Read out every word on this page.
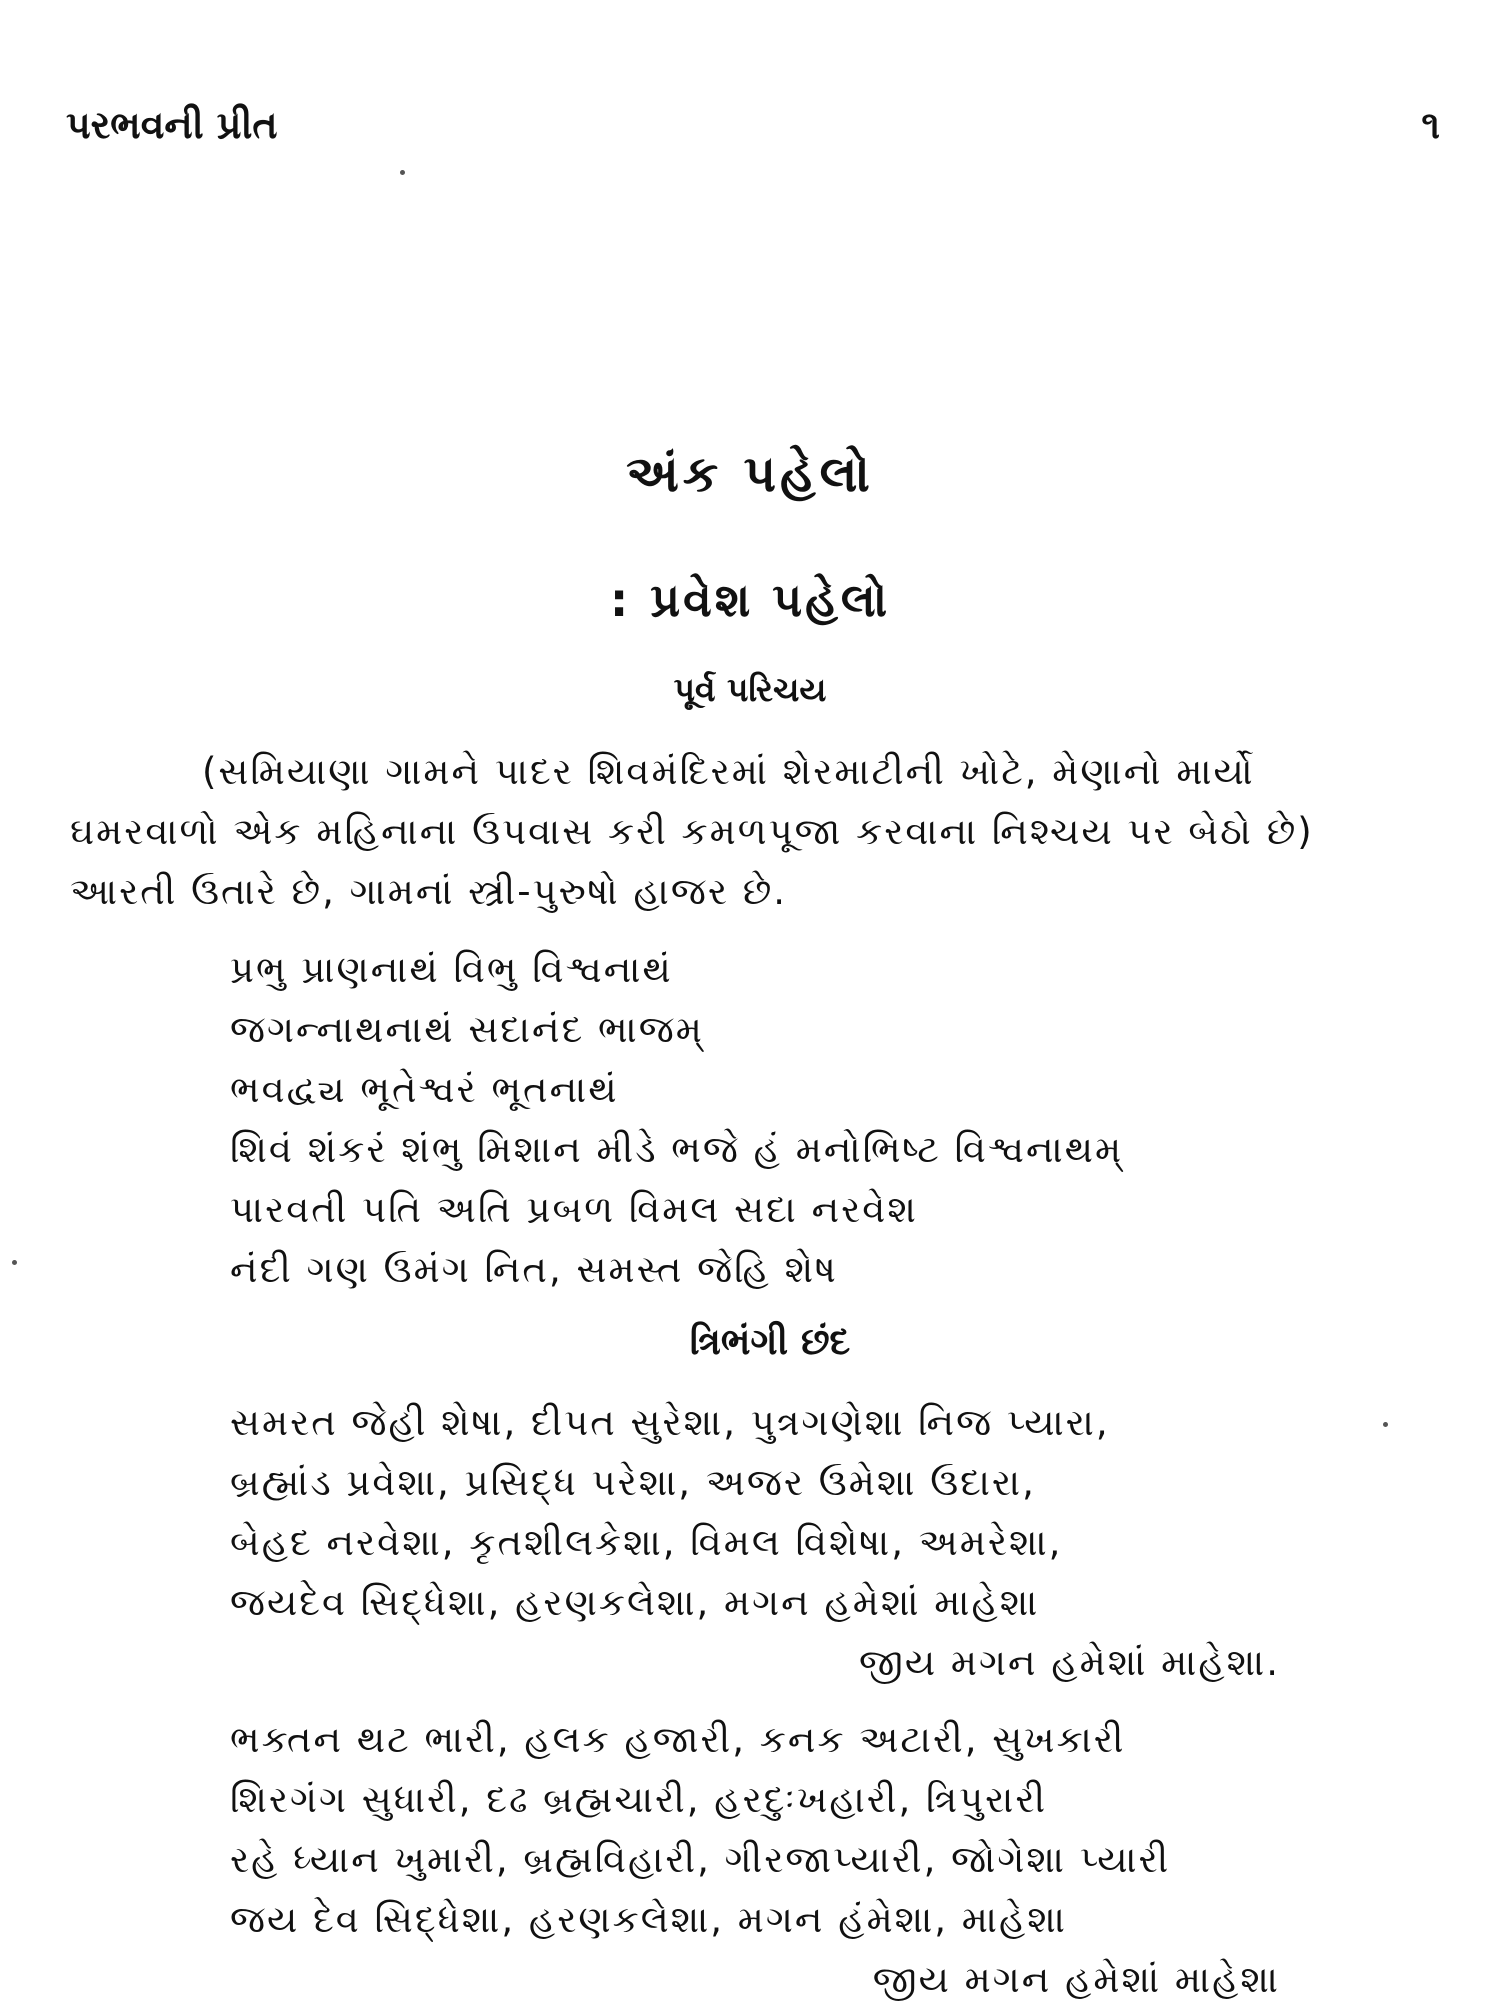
પરભવની પ્રીત	૧
અંક પહેલો
: પ્રવેશ પહેલો
પૂર્વ પરિચય
(સમિયાણા ગામને પાદર શિવમંદિરમાં શેરમાટીની ખોટે, મેણાનો માર્યો
ઘમરવાળો એક મહિનાના ઉપવાસ કરી કમળપૂજા કરવાના નિશ્ચય પર બેઠો છે)
આરતી ઉતારે છે, ગામનાં સ્ત્રી-પુરુષો હાજર છે.
પ્રભુ પ્રાણનાથં વિભુ વિશ્વનાથં
જગન્નાથનાથં સદાનંદ ભાજમ્
ભવદ્વ્ય ભૂતેશ્વરં ભૂતનાથં
શિવં શંકરં શંભુ મિશાન મીડે ભજે હં મનોભિષ્ટ વિશ્વનાથમ્
પારવતી પતિ અતિ પ્રબળ વિમલ સદા નરવેશ
નંદી ગણ ઉમંગ નિત, સમસ્ત જેહિ શેષ
ત્રિભંગી છંદ
સમરત જેહી શેષા, દીપત સુરેશા, પુત્રગણેશા નિજ પ્યારા,
બ્રહ્માંડ પ્રવેશા, પ્રસિદ્ધ પરેશા, અજર ઉમેશા ઉદારા,
બેહદ નરવેશા, કૃતશીલકેશા, વિમલ વિશેષા, અમરેશા,
જયદેવ સિદ્ધેશા, હરણકલેશા, મગન હમેશાં માહેશા
જીય મગન હમેશાં માહેશા.
ભક્તન થટ ભારી, હલક હજારી, કનક અટારી, સુખકારી
શિરગંગ સુધારી, દઢ બ્રહ્મચારી, હરદુઃખહારી, ત્રિપુરારી
રહે ધ્યાન ખુમારી, બ્રહ્મવિહારી, ગીરજાપ્યારી, જોગેશા પ્યારી
જય દેવ સિદ્ધેશા, હરણકલેશા, મગન હંમેશા, માહેશા
જીય મગન હમેશાં માહેશા
